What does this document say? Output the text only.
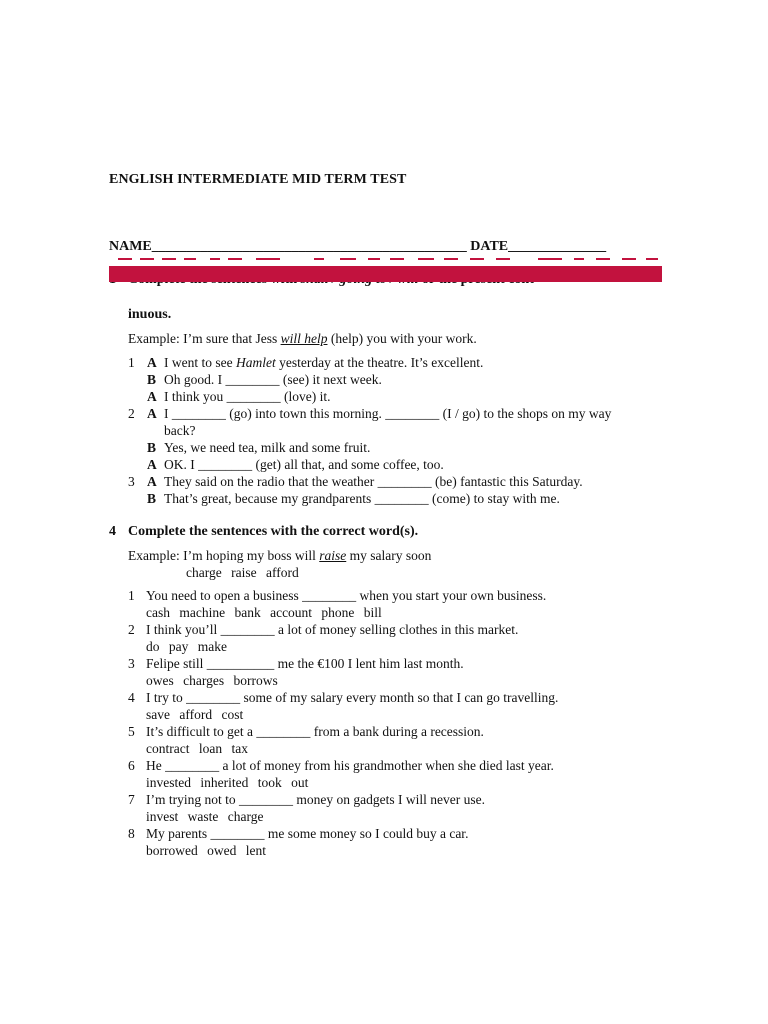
ENGLISH INTERMEDIATE MID TERM TEST
NAME_____________________________________________ DATE______________
inuous.
Example: I’m sure that Jess will help (help) you with your work.
1 A I went to see Hamlet yesterday at the theatre. It’s excellent.
B Oh good. I ________ (see) it next week.
A I think you ________ (love) it.
2 A I ________ (go) into town this morning. ________ (I / go) to the shops on my way
back?
B Yes, we need tea, milk and some fruit.
A OK. I ________ (get) all that, and some coffee, too.
3 A They said on the radio that the weather ________ (be) fantastic this Saturday.
B That’s great, because my grandparents ________ (come) to stay with me.
4 Complete the sentences with the correct word(s).
Example: I’m hoping my boss will raise my salary soon
charge raise afford
1 You need to open a business ________ when you start your own business.
cash machine bank account phone bill
2 I think you’ll ________ a lot of money selling clothes in this market.
do pay make
3 Felipe still __________ me the €100 I lent him last month.
owes charges borrows
4 I try to ________ some of my salary every month so that I can go travelling.
save afford cost
5 It’s difficult to get a ________ from a bank during a recession.
contract loan tax
6 He ________ a lot of money from his grandmother when she died last year.
invested inherited took out
7 I’m trying not to ________ money on gadgets I will never use.
invest waste charge
8 My parents ________ me some money so I could buy a car.
borrowed owed lent
